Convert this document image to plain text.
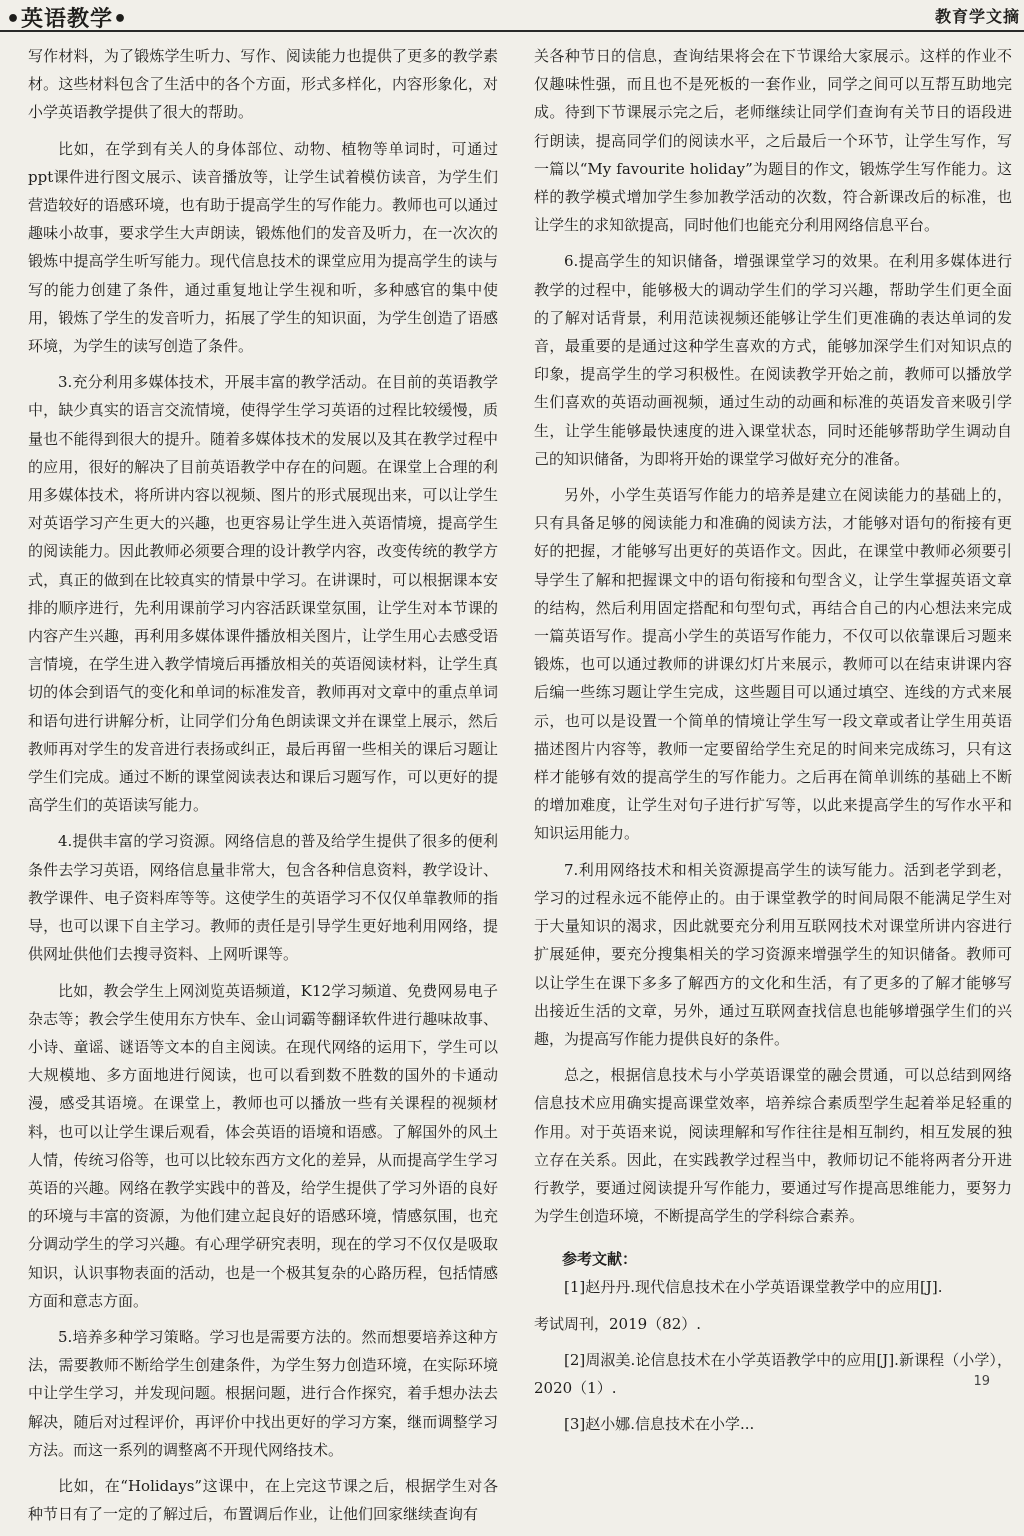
•英语教学•	教育学文摘

写作材料，为了锻炼学生听力、写作、阅读能力也提供了更多的教学素材。这些材料包含了生活中的各个方面，形式多样化，内容形象化，对小学英语教学提供了很大的帮助。

比如，在学到有关人的身体部位、动物、植物等单词时，可通过ppt课件进行图文展示、读音播放等，让学生试着模仿读音，为学生们营造较好的语感环境，也有助于提高学生的写作能力。教师也可以通过趣味小故事，要求学生大声朗读，锻炼他们的发音及听力，在一次次的锻炼中提高学生听写能力。现代信息技术的课堂应用为提高学生的读与写的能力创建了条件，通过重复地让学生视和听，多种感官的集中使用，锻炼了学生的发音听力，拓展了学生的知识面，为学生创造了语感环境，为学生的读写创造了条件。

3.充分利用多媒体技术，开展丰富的教学活动。在目前的英语教学中，缺少真实的语言交流情境，使得学生学习英语的过程比较缓慢，质量也不能得到很大的提升。随着多媒体技术的发展以及其在教学过程中的应用，很好的解决了目前英语教学中存在的问题。在课堂上合理的利用多媒体技术，将所讲内容以视频、图片的形式展现出来，可以让学生对英语学习产生更大的兴趣，也更容易让学生进入英语情境，提高学生的阅读能力。因此教师必须要合理的设计教学内容，改变传统的教学方式，真正的做到在比较真实的情景中学习。在讲课时，可以根据课本安排的顺序进行，先利用课前学习内容活跃课堂氛围，让学生对本节课的内容产生兴趣，再利用多媒体课件播放相关图片，让学生用心去感受语言情境，在学生进入教学情境后再播放相关的英语阅读材料，让学生真切的体会到语气的变化和单词的标准发音，教师再对文章中的重点单词和语句进行讲解分析，让同学们分角色朗读课文并在课堂上展示，然后教师再对学生的发音进行表扬或纠正，最后再留一些相关的课后习题让学生们完成。通过不断的课堂阅读表达和课后习题写作，可以更好的提高学生们的英语读写能力。

4.提供丰富的学习资源。网络信息的普及给学生提供了很多的便利条件去学习英语，网络信息量非常大，包含各种信息资料，教学设计、教学课件、电子资料库等等。这使学生的英语学习不仅仅单靠教师的指导，也可以课下自主学习。教师的责任是引导学生更好地利用网络，提供网址供他们去搜寻资料、上网听课等。

比如，教会学生上网浏览英语频道，K12学习频道、免费网易电子杂志等；教会学生使用东方快车、金山词霸等翻译软件进行趣味故事、小诗、童谣、谜语等文本的自主阅读。在现代网络的运用下，学生可以大规模地、多方面地进行阅读，也可以看到数不胜数的国外的卡通动漫，感受其语境。在课堂上，教师也可以播放一些有关课程的视频材料，也可以让学生课后观看，体会英语的语境和语感。了解国外的风土人情，传统习俗等，也可以比较东西方文化的差异，从而提高学生学习英语的兴趣。网络在教学实践中的普及，给学生提供了学习外语的良好的环境与丰富的资源，为他们建立起良好的语感环境，情感氛围，也充分调动学生的学习兴趣。有心理学研究表明，现在的学习不仅仅是吸取知识，认识事物表面的活动，也是一个极其复杂的心路历程，包括情感方面和意志方面。

5.培养多种学习策略。学习也是需要方法的。然而想要培养这种方法，需要教师不断给学生创建条件，为学生努力创造环境，在实际环境中让学生学习，并发现问题。根据问题，进行合作探究，着手想办法去解决，随后对过程评价，再评价中找出更好的学习方案，继而调整学习方法。而这一系列的调整离不开现代网络技术。

比如，在“Holidays”这课中，在上完这节课之后，根据学生对各种节日有了一定的了解过后，布置调后作业，让他们回家继续查询有

关各种节日的信息，查询结果将会在下节课给大家展示。这样的作业不仅趣味性强，而且也不是死板的一套作业，同学之间可以互帮互助地完成。待到下节课展示完之后，老师继续让同学们查询有关节日的语段进行朗读，提高同学们的阅读水平，之后最后一个环节，让学生写作，写一篇以“My favourite holiday”为题目的作文，锻炼学生写作能力。这样的教学模式增加学生参加教学活动的次数，符合新课改后的标准，也让学生的求知欲提高，同时他们也能充分利用网络信息平台。

6.提高学生的知识储备，增强课堂学习的效果。在利用多媒体进行教学的过程中，能够极大的调动学生们的学习兴趣，帮助学生们更全面的了解对话背景，利用范读视频还能够让学生们更准确的表达单词的发音，最重要的是通过这种学生喜欢的方式，能够加深学生们对知识点的印象，提高学生的学习积极性。在阅读教学开始之前，教师可以播放学生们喜欢的英语动画视频，通过生动的动画和标准的英语发音来吸引学生，让学生能够最快速度的进入课堂状态，同时还能够帮助学生调动自己的知识储备，为即将开始的课堂学习做好充分的准备。

另外，小学生英语写作能力的培养是建立在阅读能力的基础上的，只有具备足够的阅读能力和准确的阅读方法，才能够对语句的衔接有更好的把握，才能够写出更好的英语作文。因此，在课堂中教师必须要引导学生了解和把握课文中的语句衔接和句型含义，让学生掌握英语文章的结构，然后利用固定搭配和句型句式，再结合自己的内心想法来完成一篇英语写作。提高小学生的英语写作能力，不仅可以依靠课后习题来锻炼，也可以通过教师的讲课幻灯片来展示，教师可以在结束讲课内容后编一些练习题让学生完成，这些题目可以通过填空、连线的方式来展示，也可以是设置一个简单的情境让学生写一段文章或者让学生用英语描述图片内容等，教师一定要留给学生充足的时间来完成练习，只有这样才能够有效的提高学生的写作能力。之后再在简单训练的基础上不断的增加难度，让学生对句子进行扩写等，以此来提高学生的写作水平和知识运用能力。

7.利用网络技术和相关资源提高学生的读写能力。活到老学到老，学习的过程永远不能停止的。由于课堂教学的时间局限不能满足学生对于大量知识的渴求，因此就要充分利用互联网技术对课堂所讲内容进行扩展延伸，要充分搜集相关的学习资源来增强学生的知识储备。教师可以让学生在课下多多了解西方的文化和生活，有了更多的了解才能够写出接近生活的文章，另外，通过互联网查找信息也能够增强学生们的兴趣，为提高写作能力提供良好的条件。

总之，根据信息技术与小学英语课堂的融会贯通，可以总结到网络信息技术应用确实提高课堂效率，培养综合素质型学生起着举足轻重的作用。对于英语来说，阅读理解和写作往往是相互制约，相互发展的独立存在关系。因此，在实践教学过程当中，教师切记不能将两者分开进行教学，要通过阅读提升写作能力，要通过写作提高思维能力，要努力为学生创造环境，不断提高学生的学科综合素养。

参考文献：

[1]赵丹丹.现代信息技术在小学英语课堂教学中的应用[J].

考试周刊，2019（82）.

[2]周淑美.论信息技术在小学英语教学中的应用[J].新课程（小学），2020（1）.

[3]赵小娜.信息技术在小学...

19
